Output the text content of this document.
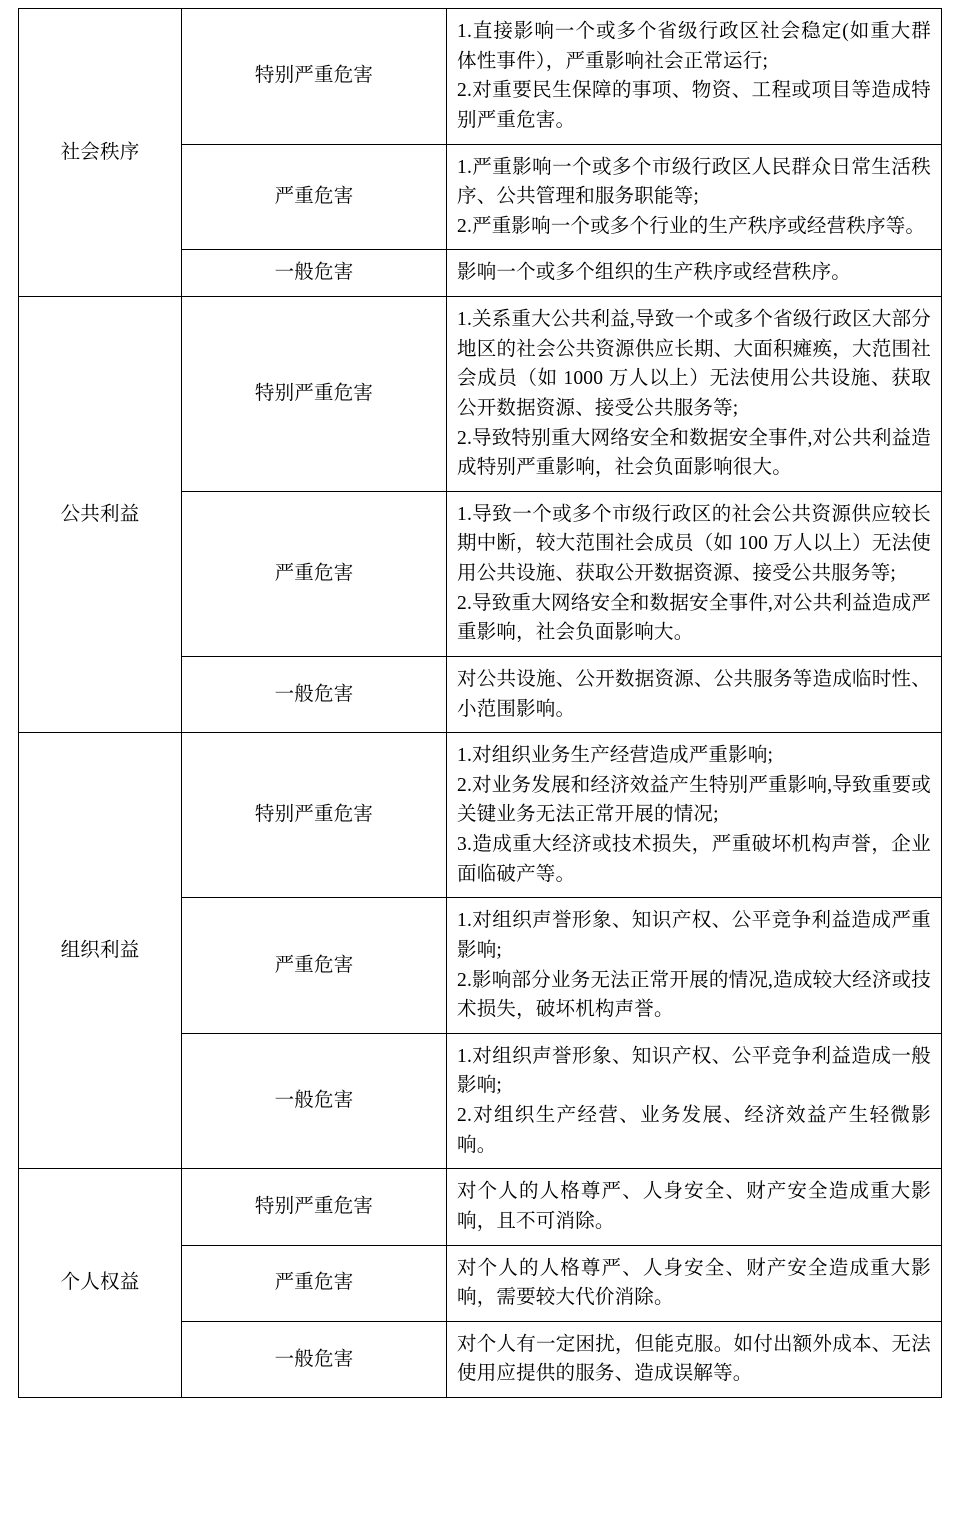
社会秩序	特别严重危害	1.直接影响一个或多个省级行政区社会稳定(如重大群体性事件），严重影响社会正常运行;

2.对重要民生保障的事项、物资、工程或项目等造成特别严重危害。

	严重危害	1.严重影响一个或多个市级行政区人民群众日常生活秩序、公共管理和服务职能等;

2.严重影响一个或多个行业的生产秩序或经营秩序等。

	一般危害	影响一个或多个组织的生产秩序或经营秩序。

公共利益	特别严重危害	1.关系重大公共利益,导致一个或多个省级行政区大部分地区的社会公共资源供应长期、大面积瘫痪，大范围社会成员（如 1000 万人以上）无法使用公共设施、获取公开数据资源、接受公共服务等;

2.导致特别重大网络安全和数据安全事件,对公共利益造成特别严重影响，社会负面影响很大。

	严重危害	1.导致一个或多个市级行政区的社会公共资源供应较长期中断，较大范围社会成员（如 100 万人以上）无法使用公共设施、获取公开数据资源、接受公共服务等;

2.导致重大网络安全和数据安全事件,对公共利益造成严重影响，社会负面影响大。

	一般危害	对公共设施、公开数据资源、公共服务等造成临时性、小范围影响。

组织利益	特别严重危害	1.对组织业务生产经营造成严重影响;

2.对业务发展和经济效益产生特别严重影响,导致重要或关键业务无法正常开展的情况;

3.造成重大经济或技术损失，严重破坏机构声誉，企业面临破产等。

	严重危害	1.对组织声誉形象、知识产权、公平竞争利益造成严重影响;

2.影响部分业务无法正常开展的情况,造成较大经济或技术损失，破坏机构声誉。

	一般危害	1.对组织声誉形象、知识产权、公平竞争利益造成一般影响;

2.对组织生产经营、业务发展、经济效益产生轻微影响。

个人权益	特别严重危害	对个人的人格尊严、人身安全、财产安全造成重大影响，且不可消除。

	严重危害	对个人的人格尊严、人身安全、财产安全造成重大影响，需要较大代价消除。

	一般危害	对个人有一定困扰，但能克服。如付出额外成本、无法使用应提供的服务、造成误解等。
